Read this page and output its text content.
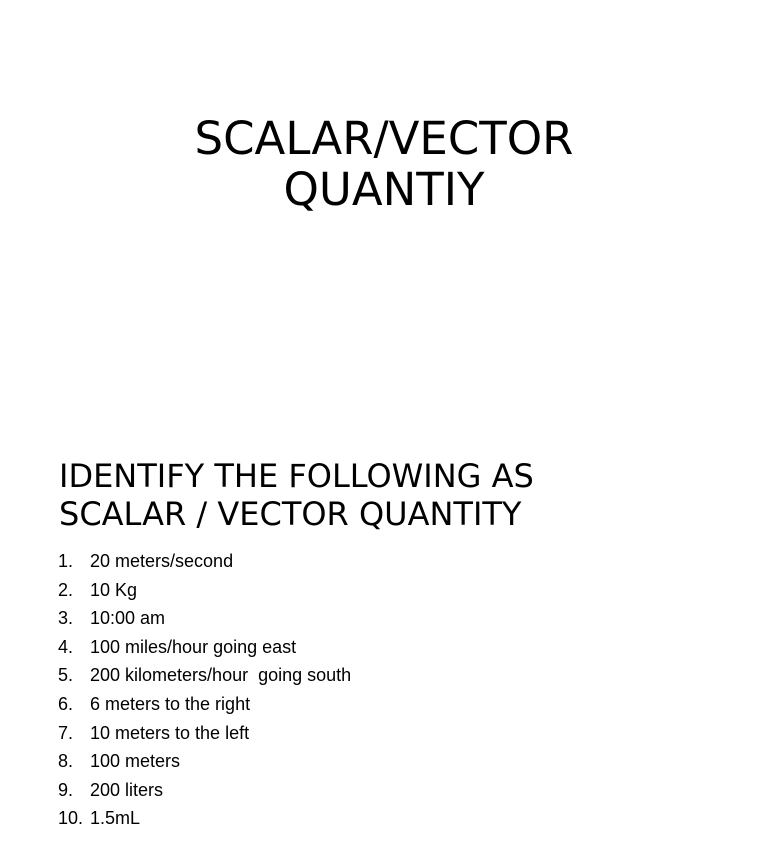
SCALAR/VECTOR
QUANTIY
IDENTIFY THE FOLLOWING AS
SCALAR / VECTOR QUANTITY
1. 20 meters/second
2. 10 Kg
3. 10:00 am
4. 100 miles/hour going east
5. 200 kilometers/hour  going south
6. 6 meters to the right
7. 10 meters to the left
8. 100 meters
9. 200 liters
10. 1.5mL
